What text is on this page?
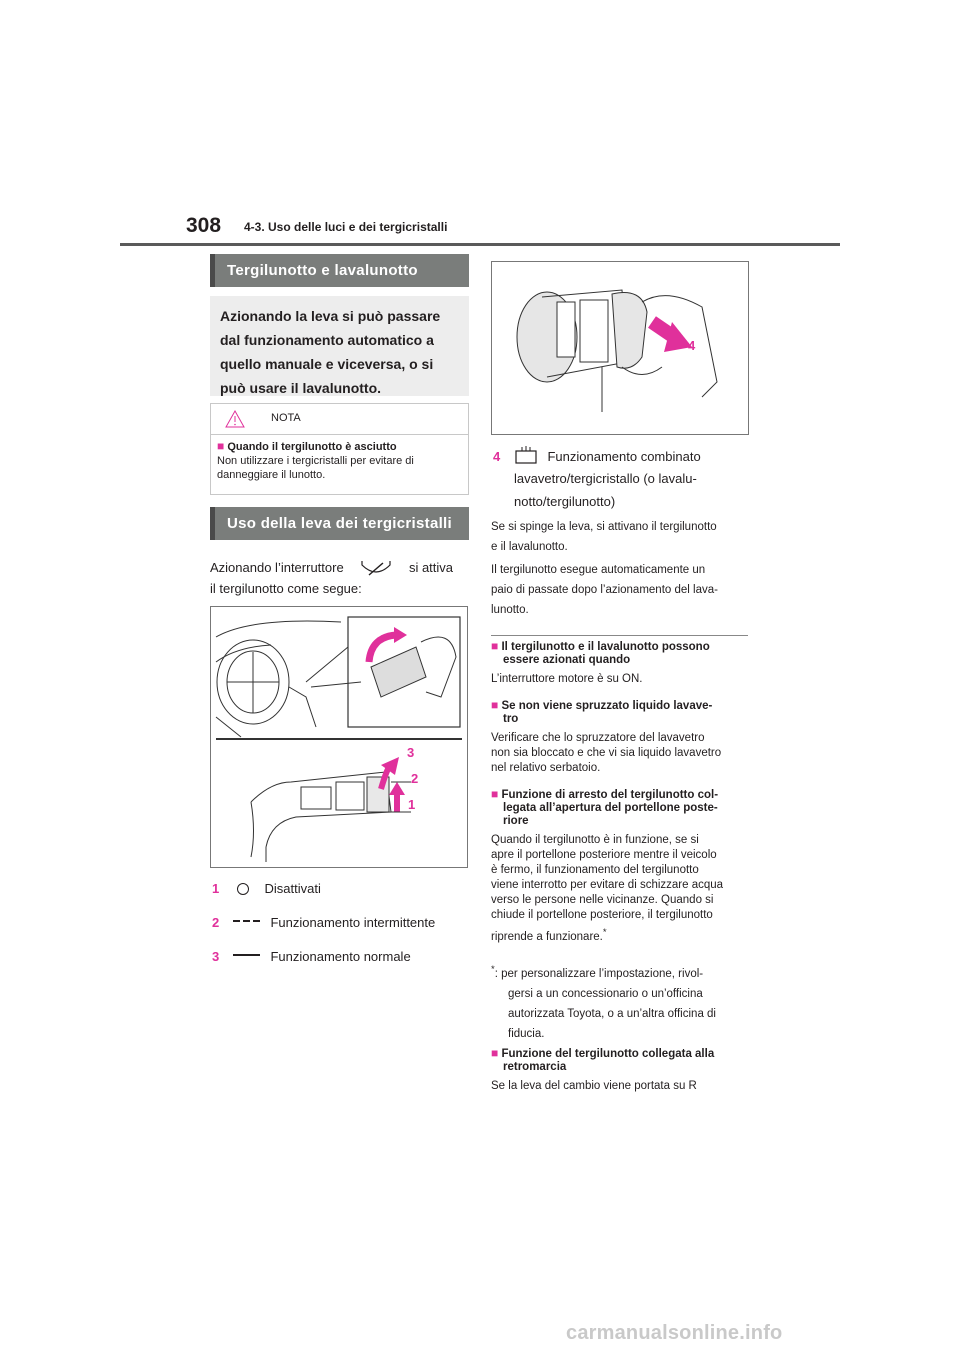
308 4-3. Uso delle luci e dei tergicristalli
Tergilunotto e lavalunotto
Azionando la leva si può passare dal funzionamento automatico a quello manuale e viceversa, o si può usare il lavalunotto.
NOTA
■ Quando il tergilunotto è asciutto
Non utilizzare i tergicristalli per evitare di danneggiare il lunotto.
Uso della leva dei tergicristalli
Azionando l’interruttore	si attiva
il tergilunotto come segue:
3
2
1
1	Disattivati
2	Funzionamento intermittente
3	Funzionamento normale
4
4	Funzionamento combinato
lavavetro/tergicristallo (o lavalu-
notto/tergilunotto)
Se si spinge la leva, si attivano il tergilunotto
e il lavalunotto.
Il tergilunotto esegue automaticamente un
paio di passate dopo l’azionamento del lava-
lunotto.
■ Il tergilunotto e il lavalunotto possono
essere azionati quando
L’interruttore motore è su ON.
■ Se non viene spruzzato liquido lavave-
tro
Verificare che lo spruzzatore del lavavetro
non sia bloccato e che vi sia liquido lavavetro
nel relativo serbatoio.
■ Funzione di arresto del tergilunotto col-
legata all’apertura del portellone poste-
riore
Quando il tergilunotto è in funzione, se si
apre il portellone posteriore mentre il veicolo
è fermo, il funzionamento del tergilunotto
viene interrotto per evitare di schizzare acqua
verso le persone nelle vicinanze. Quando si
chiude il portellone posteriore, il tergilunotto
riprende a funzionare.*
*: per personalizzare l’impostazione, rivol-
gersi a un concessionario o un’officina
autorizzata Toyota, o a un’altra officina di
fiducia.
■ Funzione del tergilunotto collegata alla
retromarcia
Se la leva del cambio viene portata su R
carmanualsonline.info
